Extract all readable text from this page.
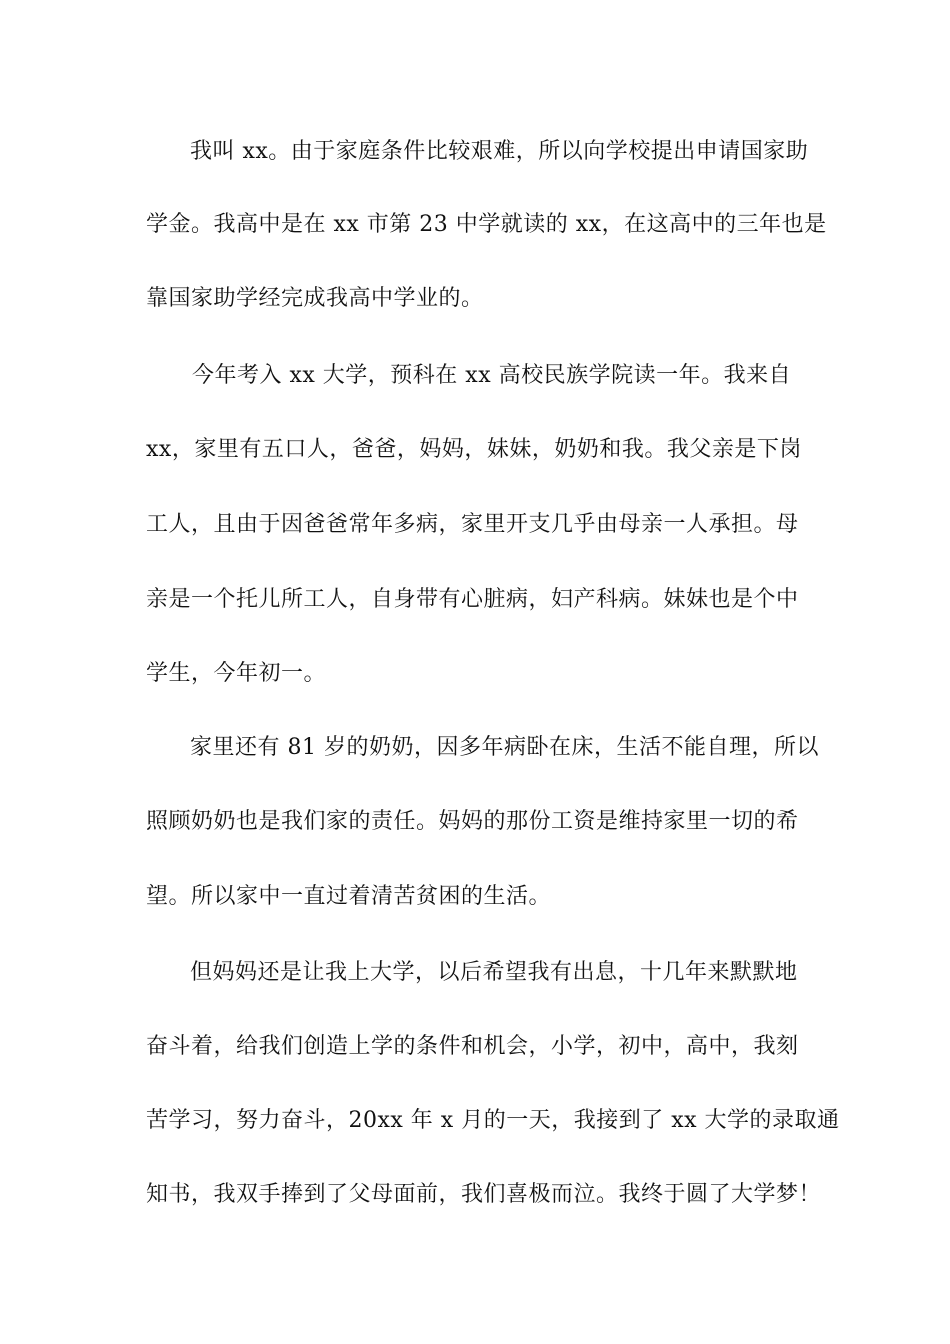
我叫 xx。由于家庭条件比较艰难，所以向学校提出申请国家助
学金。我高中是在 xx 市第 23 中学就读的 xx，在这高中的三年也是
靠国家助学经完成我高中学业的。
今年考入 xx 大学，预科在 xx 高校民族学院读一年。我来自
xx，家里有五口人，爸爸，妈妈，妹妹，奶奶和我。我父亲是下岗
工人，且由于因爸爸常年多病，家里开支几乎由母亲一人承担。母
亲是一个托儿所工人，自身带有心脏病，妇产科病。妹妹也是个中
学生，今年初一。
家里还有 81 岁的奶奶，因多年病卧在床，生活不能自理，所以
照顾奶奶也是我们家的责任。妈妈的那份工资是维持家里一切的希
望。所以家中一直过着清苦贫困的生活。
但妈妈还是让我上大学，以后希望我有出息，十几年来默默地
奋斗着，给我们创造上学的条件和机会，小学，初中，高中，我刻
苦学习，努力奋斗，20xx 年 x 月的一天，我接到了 xx 大学的录取通
知书，我双手捧到了父母面前，我们喜极而泣。我终于圆了大学梦！
